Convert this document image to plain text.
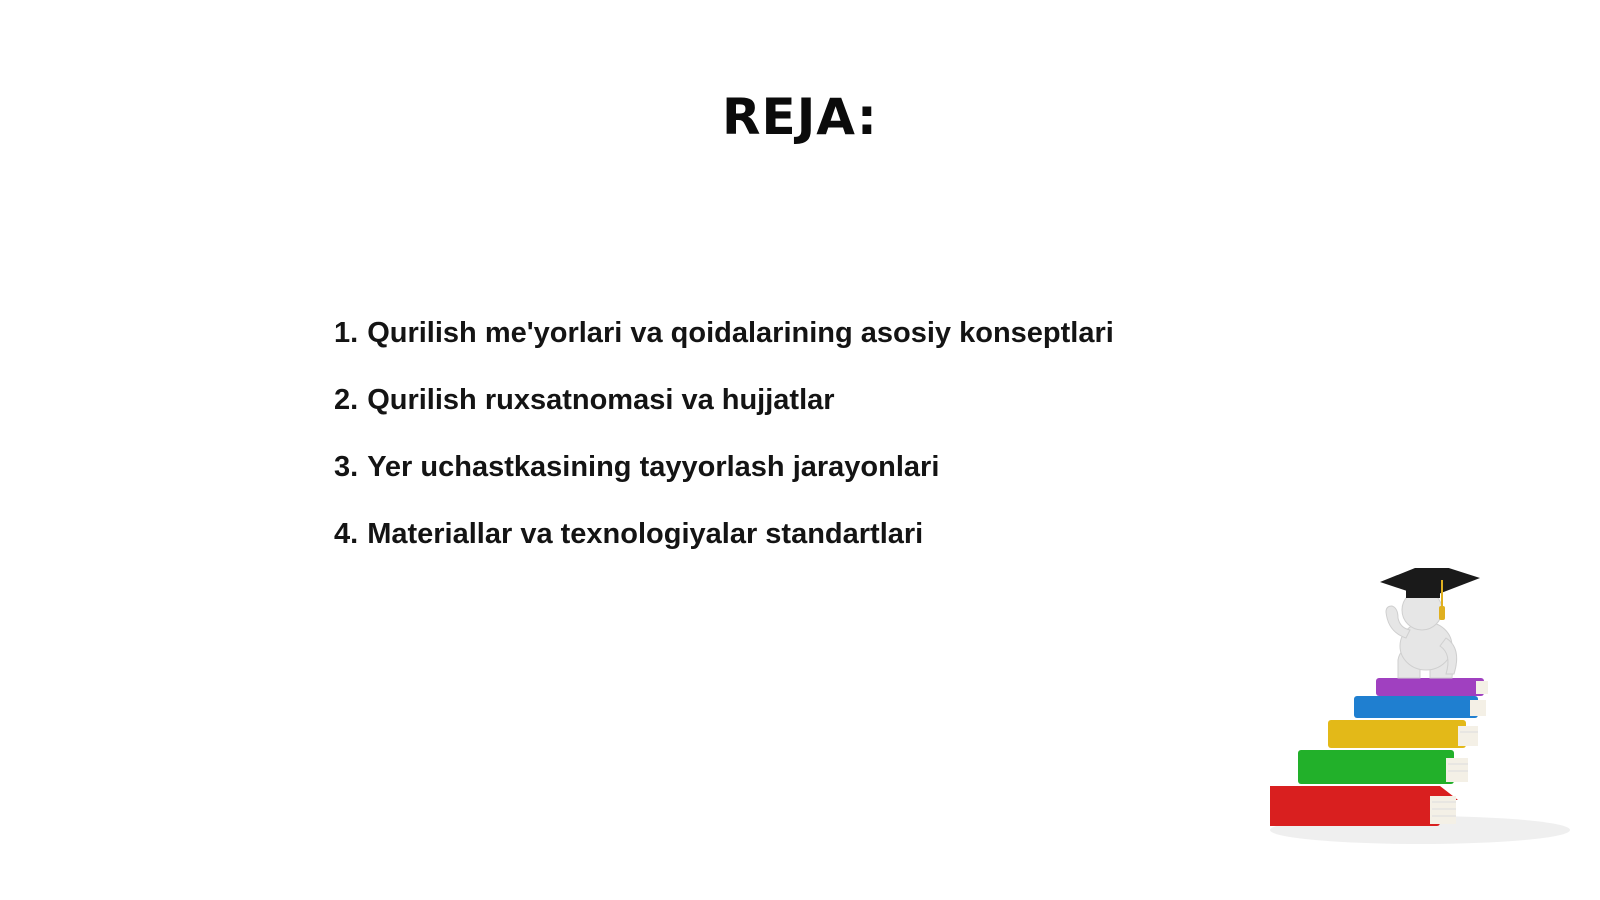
REJA:
1. Qurilish me'yorlari va qoidalarining asosiy konseptlari
2. Qurilish ruxsatnomasi va hujjatlar
3. Yer uchastkasining tayyorlash jarayonlari
4. Materiallar va texnologiyalar standartlari
